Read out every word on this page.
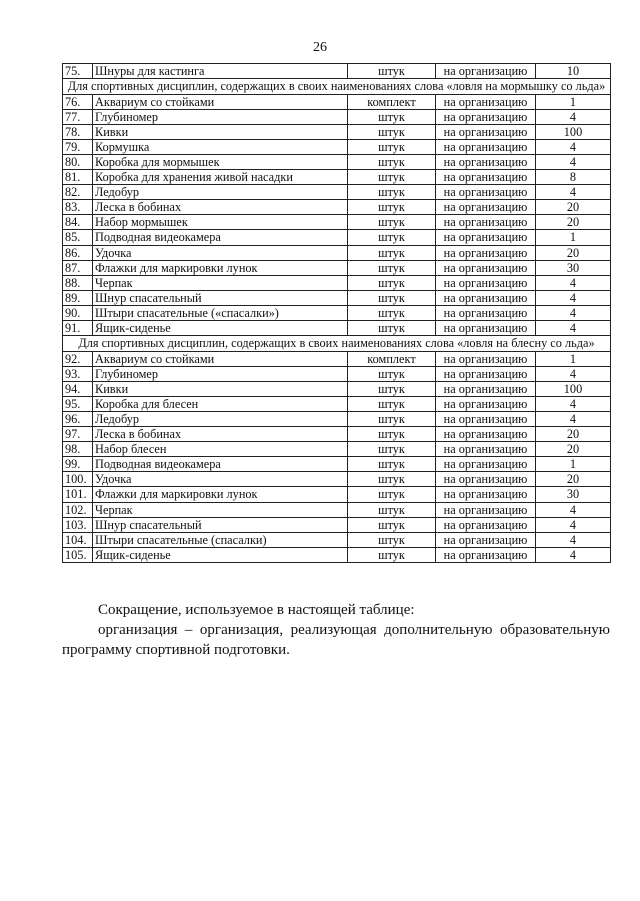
26
75.	Шнуры для кастинга	штук	на организацию	10
Для спортивных дисциплин, содержащих в своих наименованиях слова «ловля на мормышку со льда»				
76.	Аквариум со стойками	комплект	на организацию	1
77.	Глубиномер	штук	на организацию	4
78.	Кивки	штук	на организацию	100
79.	Кормушка	штук	на организацию	4
80.	Коробка для мормышек	штук	на организацию	4
81.	Коробка для хранения живой насадки	штук	на организацию	8
82.	Ледобур	штук	на организацию	4
83.	Леска в бобинах	штук	на организацию	20
84.	Набор мормышек	штук	на организацию	20
85.	Подводная видеокамера	штук	на организацию	1
86.	Удочка	штук	на организацию	20
87.	Флажки для маркировки лунок	штук	на организацию	30
88.	Черпак	штук	на организацию	4
89.	Шнур спасательный	штук	на организацию	4
90.	Штыри спасательные («спасалки»)	штук	на организацию	4
91.	Ящик-сиденье	штук	на организацию	4
Для спортивных дисциплин, содержащих в своих наименованиях слова «ловля на блесну со льда»				
92.	Аквариум со стойками	комплект	на организацию	1
93.	Глубиномер	штук	на организацию	4
94.	Кивки	штук	на организацию	100
95.	Коробка для блесен	штук	на организацию	4
96.	Ледобур	штук	на организацию	4
97.	Леска в бобинах	штук	на организацию	20
98.	Набор блесен	штук	на организацию	20
99.	Подводная видеокамера	штук	на организацию	1
100.	Удочка	штук	на организацию	20
101.	Флажки для маркировки лунок	штук	на организацию	30
102.	Черпак	штук	на организацию	4
103.	Шнур спасательный	штук	на организацию	4
104.	Штыри спасательные (спасалки)	штук	на организацию	4
105.	Ящик-сиденье	штук	на организацию	4

Сокращение, используемое в настоящей таблице:

организация – организация, реализующая дополнительную образовательную программу спортивной подготовки.
